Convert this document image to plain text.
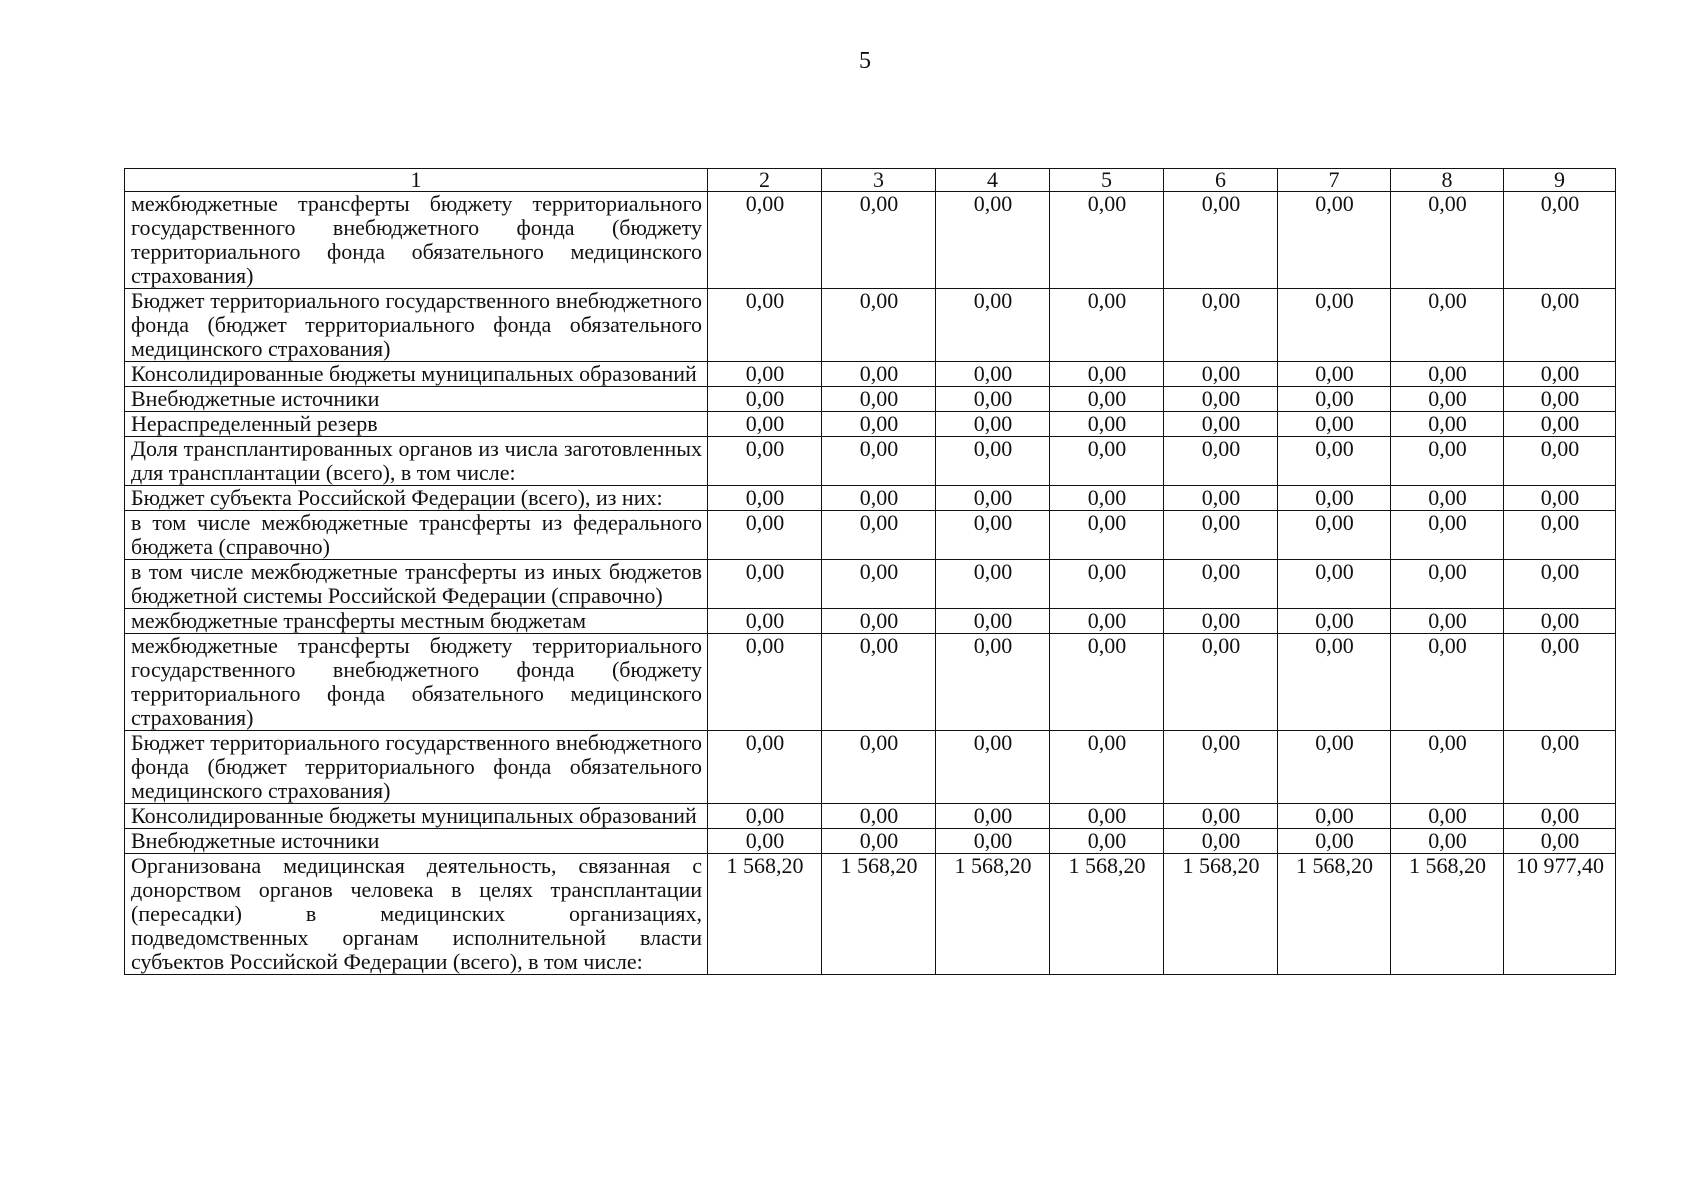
5
1	2	3	4	5	6	7	8	9
межбюджетные трансферты бюджету территориального государственного внебюджетного фонда (бюджету территориального фонда обязательного медицинского страхования)	0,00	0,00	0,00	0,00	0,00	0,00	0,00	0,00
Бюджет территориального государственного внебюджетного фонда (бюджет территориального фонда обязательного медицинского страхования)	0,00	0,00	0,00	0,00	0,00	0,00	0,00	0,00
Консолидированные бюджеты муниципальных образований	0,00	0,00	0,00	0,00	0,00	0,00	0,00	0,00
Внебюджетные источники	0,00	0,00	0,00	0,00	0,00	0,00	0,00	0,00
Нераспределенный резерв	0,00	0,00	0,00	0,00	0,00	0,00	0,00	0,00
Доля трансплантированных органов из числа заготовленных для трансплантации (всего), в том числе:	0,00	0,00	0,00	0,00	0,00	0,00	0,00	0,00
Бюджет субъекта Российской Федерации (всего), из них:	0,00	0,00	0,00	0,00	0,00	0,00	0,00	0,00
в том числе межбюджетные трансферты из федерального бюджета (справочно)	0,00	0,00	0,00	0,00	0,00	0,00	0,00	0,00
в том числе межбюджетные трансферты из иных бюджетов бюджетной системы Российской Федерации (справочно)	0,00	0,00	0,00	0,00	0,00	0,00	0,00	0,00
межбюджетные трансферты местным бюджетам	0,00	0,00	0,00	0,00	0,00	0,00	0,00	0,00
межбюджетные трансферты бюджету территориального государственного внебюджетного фонда (бюджету территориального фонда обязательного медицинского страхования)	0,00	0,00	0,00	0,00	0,00	0,00	0,00	0,00
Бюджет территориального государственного внебюджетного фонда (бюджет территориального фонда обязательного медицинского страхования)	0,00	0,00	0,00	0,00	0,00	0,00	0,00	0,00
Консолидированные бюджеты муниципальных образований	0,00	0,00	0,00	0,00	0,00	0,00	0,00	0,00
Внебюджетные источники	0,00	0,00	0,00	0,00	0,00	0,00	0,00	0,00
Организована медицинская деятельность, связанная с донорством органов человека в целях трансплантации (пересадки) в медицинских организациях, подведомственных органам исполнительной власти субъектов Российской Федерации (всего), в том числе:	1 568,20	1 568,20	1 568,20	1 568,20	1 568,20	1 568,20	1 568,20	10 977,40
